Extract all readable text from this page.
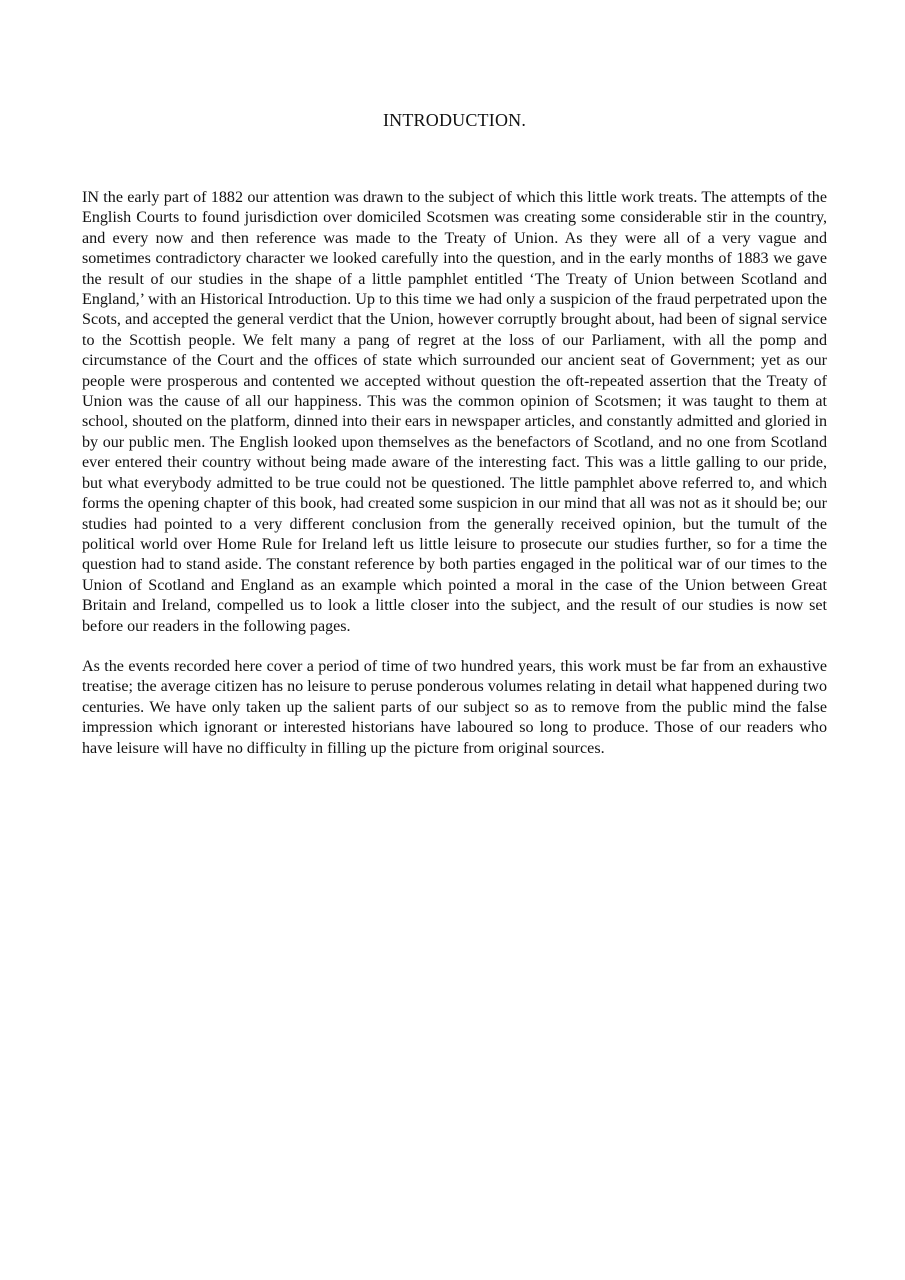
INTRODUCTION.

IN the early part of 1882 our attention was drawn to the subject of which this little work treats. The attempts of the English Courts to found jurisdiction over domiciled Scotsmen was creating some considerable stir in the country, and every now and then reference was made to the Treaty of Union. As they were all of a very vague and sometimes contradictory character we looked carefully into the question, and in the early months of 1883 we gave the result of our studies in the shape of a little pamphlet entitled ‘The Treaty of Union between Scotland and England,’ with an Historical Introduction. Up to this time we had only a suspicion of the fraud perpetrated upon the Scots, and accepted the general verdict that the Union, however corruptly brought about, had been of signal service to the Scottish people. We felt many a pang of regret at the loss of our Parliament, with all the pomp and circumstance of the Court and the offices of state which surrounded our ancient seat of Government; yet as our people were prosperous and contented we accepted without question the oft-repeated assertion that the Treaty of Union was the cause of all our happiness. This was the common opinion of Scotsmen; it was taught to them at school, shouted on the platform, dinned into their ears in newspaper articles, and constantly admitted and gloried in by our public men. The English looked upon themselves as the benefactors of Scotland, and no one from Scotland ever entered their country without being made aware of the interesting fact. This was a little galling to our pride, but what everybody admitted to be true could not be questioned. The little pamphlet above referred to, and which forms the opening chapter of this book, had created some suspicion in our mind that all was not as it should be; our studies had pointed to a very different conclusion from the generally received opinion, but the tumult of the political world over Home Rule for Ireland left us little leisure to prosecute our studies further, so for a time the question had to stand aside. The constant reference by both parties engaged in the political war of our times to the Union of Scotland and England as an example which pointed a moral in the case of the Union between Great Britain and Ireland, compelled us to look a little closer into the subject, and the result of our studies is now set before our readers in the following pages.

As the events recorded here cover a period of time of two hundred years, this work must be far from an exhaustive treatise; the average citizen has no leisure to peruse ponderous volumes relating in detail what happened during two centuries. We have only taken up the salient parts of our subject so as to remove from the public mind the false impression which ignorant or interested historians have laboured so long to produce. Those of our readers who have leisure will have no difficulty in filling up the picture from original sources.
